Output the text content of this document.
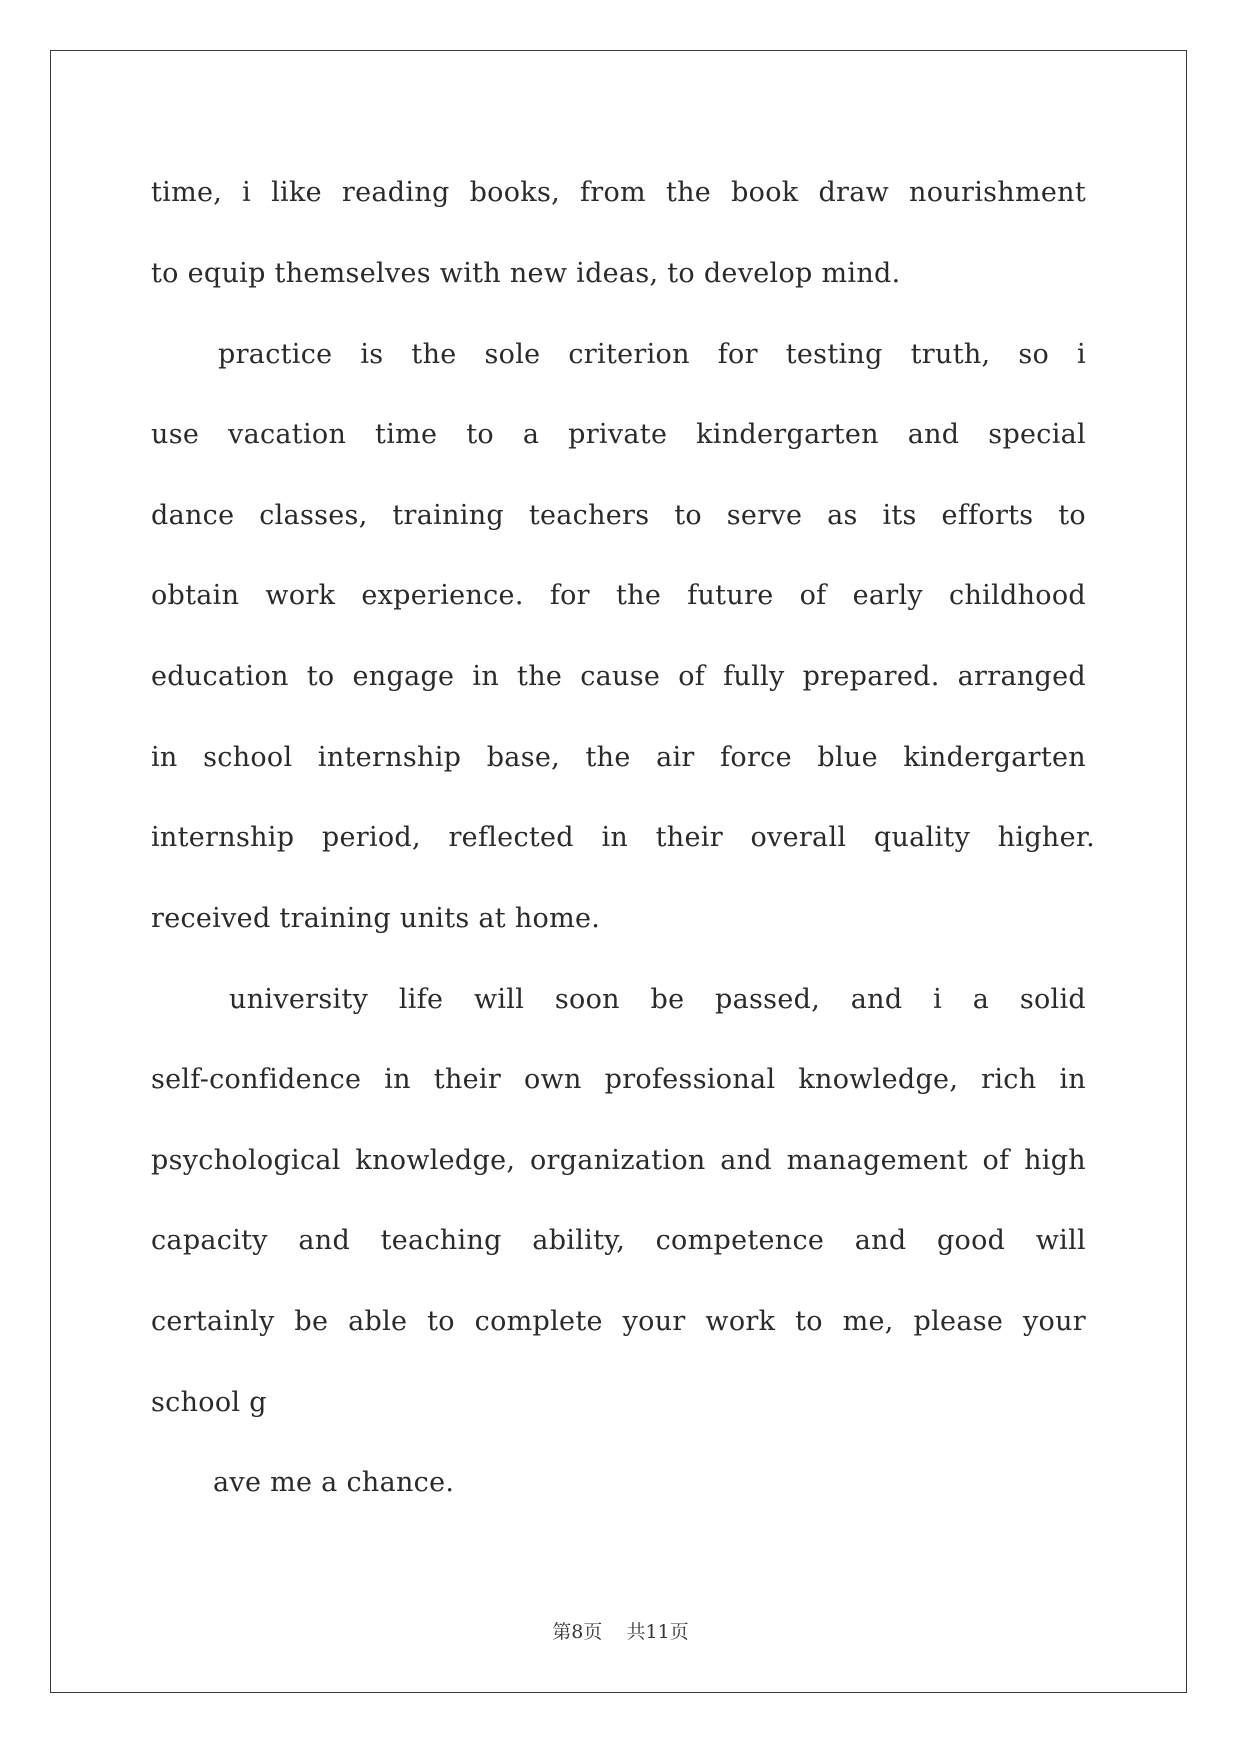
time, i like reading books, from the book draw nourishment
to equip themselves with new ideas, to develop mind.
practice is the sole criterion for testing truth, so i
use vacation time to a private kindergarten and special
dance classes, training teachers to serve as its efforts to
obtain work experience. for the future of early childhood
education to engage in the cause of fully prepared. arranged
in school internship base, the air force blue kindergarten
internship period, reflected in their overall quality higher.
received training units at home.
university life will soon be passed, and i a solid
self-confidence in their own professional knowledge, rich in
psychological knowledge, organization and management of high
capacity and teaching ability, competence and good will
certainly be able to complete your work to me, please your
school g
ave me a chance.
第8页 共11页
